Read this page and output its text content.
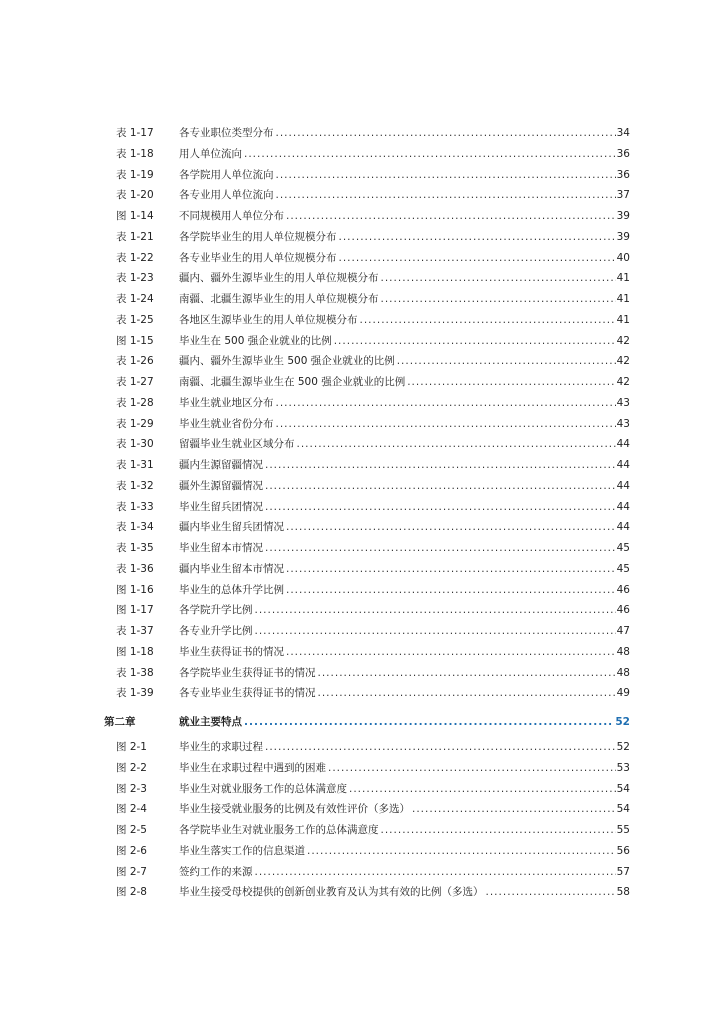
表 1-17	各专业职位类型分布 .....	34
表 1-18	用人单位流向 .....	36
表 1-19	各学院用人单位流向 .....	36
表 1-20	各专业用人单位流向 .....	37
图 1-14	不同规模用人单位分布 .....	39
表 1-21	各学院毕业生的用人单位规模分布 .....	39
表 1-22	各专业毕业生的用人单位规模分布 .....	40
表 1-23	疆内、疆外生源毕业生的用人单位规模分布 .....	41
表 1-24	南疆、北疆生源毕业生的用人单位规模分布 .....	41
表 1-25	各地区生源毕业生的用人单位规模分布 .....	41
图 1-15	毕业生在 500 强企业就业的比例 .....	42
表 1-26	疆内、疆外生源毕业生 500 强企业就业的比例 .....	42
表 1-27	南疆、北疆生源毕业生在 500 强企业就业的比例 .....	42
表 1-28	毕业生就业地区分布 .....	43
表 1-29	毕业生就业省份分布 .....	43
表 1-30	留疆毕业生就业区域分布 .....	44
表 1-31	疆内生源留疆情况 .....	44
表 1-32	疆外生源留疆情况 .....	44
表 1-33	毕业生留兵团情况 .....	44
表 1-34	疆内毕业生留兵团情况 .....	44
表 1-35	毕业生留本市情况 .....	45
表 1-36	疆内毕业生留本市情况 .....	45
图 1-16	毕业生的总体升学比例 .....	46
图 1-17	各学院升学比例 .....	46
表 1-37	各专业升学比例 .....	47
图 1-18	毕业生获得证书的情况 .....	48
表 1-38	各学院毕业生获得证书的情况 .....	48
表 1-39	各专业毕业生获得证书的情况 .....	49
第二章	就业主要特点 .....	52
图 2-1	毕业生的求职过程 .....	52
图 2-2	毕业生在求职过程中遇到的困难 .....	53
图 2-3	毕业生对就业服务工作的总体满意度 .....	54
图 2-4	毕业生接受就业服务的比例及有效性评价（多选） .....	54
图 2-5	各学院毕业生对就业服务工作的总体满意度 .....	55
图 2-6	毕业生落实工作的信息渠道 .....	56
图 2-7	签约工作的来源 .....	57
图 2-8	毕业生接受母校提供的创新创业教育及认为其有效的比例（多选） .....	58
